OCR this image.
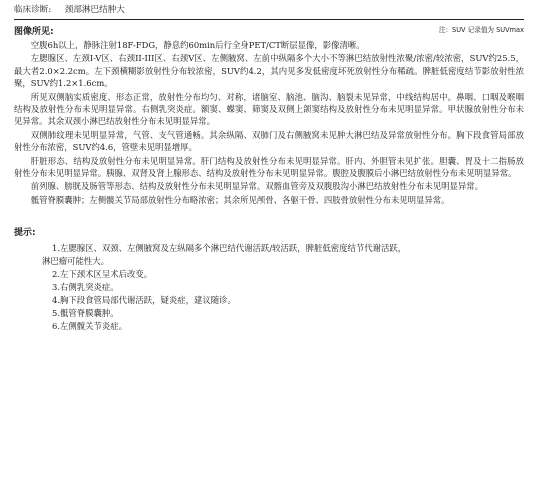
临床诊断: 颈部淋巴结肿大
图像所见:	注：SUV 记录值为 SUVmax

空腹6h以上，静脉注射18F-FDG，静息约60min后行全身PET/CT断层显像，影像清晰。

左腮腺区、左颈I-V区、右颈II-III区、右颈V区、左侧腋窝、左前中纵隔多个大小不等淋巴结放射性浓聚/浓密/较浓密，SUV约25.5，最大者2.0×2.2cm。左下颈横糊影放射性分布较浓密，SUV约4.2，其内见多发低密度坏死放射性分布稀疏。脾脏低密度结节影放射性浓聚，SUV约1.2×1.6cm。

所见双侧脑实质密度、形态正常，放射性分布均匀、对称，诸脑室、脑池、脑沟、脑裂未见异常，中线结构居中。鼻咽、口咽及喉咽结构及放射性分布未见明显异常。右侧乳突炎症。额窦、蝶窦、筛窦及双侧上颌窦结构及放射性分布未见明显异常。甲状腺放射性分布未见异常。其余双颈小淋巴结放射性分布未见明显异常。

双侧肺纹理未见明显异常，气管、支气管通畅。其余纵隔、双肺门及右侧腋窝未见肿大淋巴结及异常放射性分布。胸下段食管局部放射性分布浓密，SUV约4.6，管壁未见明显增厚。

肝脏形态、结构及放射性分布未见明显异常。肝门结构及放射性分布未见明显异常。肝内、外胆管未见扩张。胆囊、胃及十二指肠放射性分布未见明显异常。胰腺、双肾及肾上腺形态、结构及放射性分布未见明显异常。腹腔及腹膜后小淋巴结放射性分布未见明显异常。

前列腺、膀胱及肠管等形态、结构及放射性分布未见明显异常。双髂血管旁及双腹股沟小淋巴结放射性分布未见明显异常。

骶管脊膜囊肿；左侧髋关节局部放射性分布略浓密；其余所见颅骨、各躯干骨、四肢骨放射性分布未见明显异常。

提示:
1.左腮腺区、双颈、左侧腋窝及左纵隔多个淋巴结代谢活跃/较活跃，脾脏低密度结节代谢活跃，
淋巴瘤可能性大。
2.左下颈术区呈术后改变。
3.右侧乳突炎症。
4.胸下段食管局部代谢活跃，疑炎症，建议随诊。
5.骶管脊膜囊肿。
6.左侧髋关节炎症。
